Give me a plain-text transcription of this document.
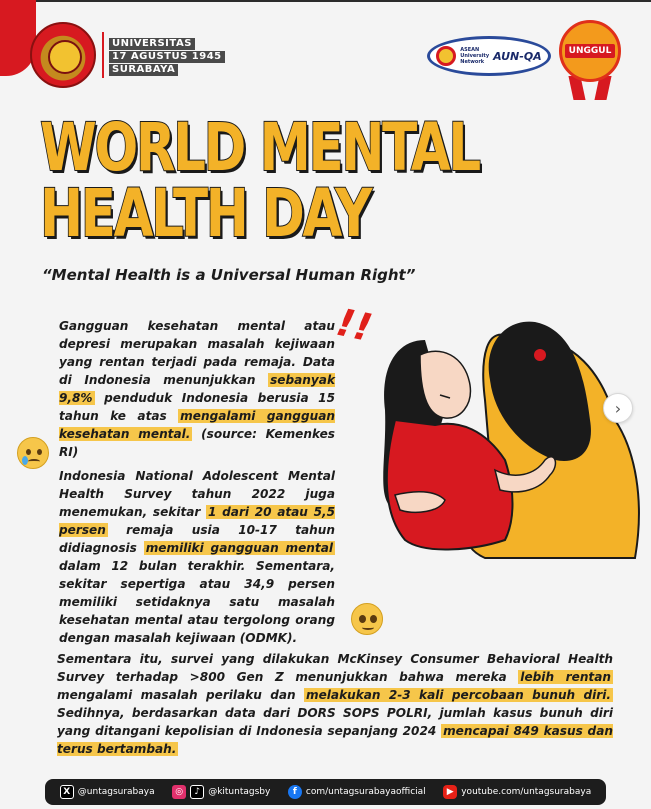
UNIVERSITAS
17 AGUSTUS 1945
SURABAYA
ASEAN
University
Network AUN-QA	UNGGUL
WORLD MENTAL
HEALTH DAY
“Mental Health is a Universal Human Right”
!!
Gangguan kesehatan mental atau depresi merupakan masalah kejiwaan yang rentan terjadi pada remaja. Data di Indonesia menunjukkan sebanyak 9,8% penduduk Indonesia berusia 15 tahun ke atas mengalami gangguan kesehatan mental. (source: Kemenkes RI)
Indonesia National Adolescent Mental Health Survey tahun 2022 juga menemukan, sekitar 1 dari 20 atau 5,5 persen remaja usia 10-17 tahun didiagnosis memiliki gangguan mental dalam 12 bulan terakhir. Sementara, sekitar sepertiga atau 34,9 persen memiliki setidaknya satu masalah kesehatan mental atau tergolong orang dengan masalah kejiwaan (ODMK).
›
Sementara itu, survei yang dilakukan McKinsey Consumer Behavioral Health Survey terhadap >800 Gen Z menunjukkan bahwa mereka lebih rentan mengalami masalah perilaku dan melakukan 2-3 kali percobaan bunuh diri. Sedihnya, berdasarkan data dari DORS SOPS POLRI, jumlah kasus bunuh diri yang ditangani kepolisian di Indonesia sepanjang 2024 mencapai 849 kasus dan terus bertambah.
X @untagsurabaya	◎	♪ @kituntagsby	f	com/untagsurabayaofficial	▶ youtube.com/untagsurabaya
